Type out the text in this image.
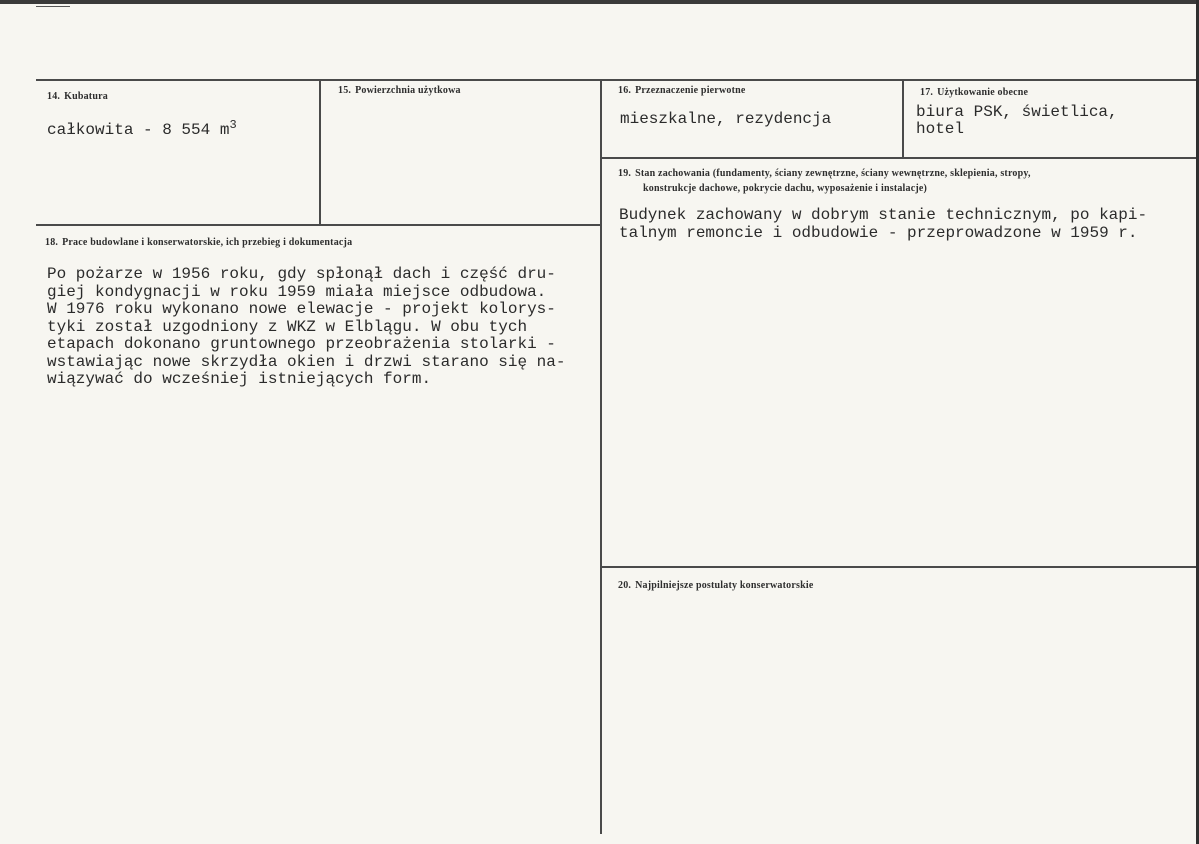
14. Kubatura
całkowita - 8 554 $m^3$
15. Powierzchnia użytkowa	16. Przeznaczenie pierwotne
mieszkalne, rezydencja
17. Użytkowanie obecne
biura PSK, świetlica,
hotel
19. Stan zachowania (fundamenty, ściany zewnętrzne, ściany wewnętrzne, sklepienia, stropy,
konstrukcje dachowe, pokrycie dachu, wyposażenie i instalacje)
Budynek zachowany w dobrym stanie technicznym, po kapi-
talnym remoncie i odbudowie - przeprowadzone w 1959 r.
18. Prace budowlane i konserwatorskie, ich przebieg i dokumentacja
Po pożarze w 1956 roku, gdy spłonął dach i część dru-
giej kondygnacji w roku 1959 miała miejsce odbudowa.
W 1976 roku wykonano nowe elewacje - projekt kolorys-
tyki został uzgodniony z WKZ w Elblągu. W obu tych
etapach dokonano gruntownego przeobrażenia stolarki -
wstawiając nowe skrzydła okien i drzwi starano się na-
wiązywać do wcześniej istniejących form.
20. Najpilniejsze postulaty konserwatorskie
